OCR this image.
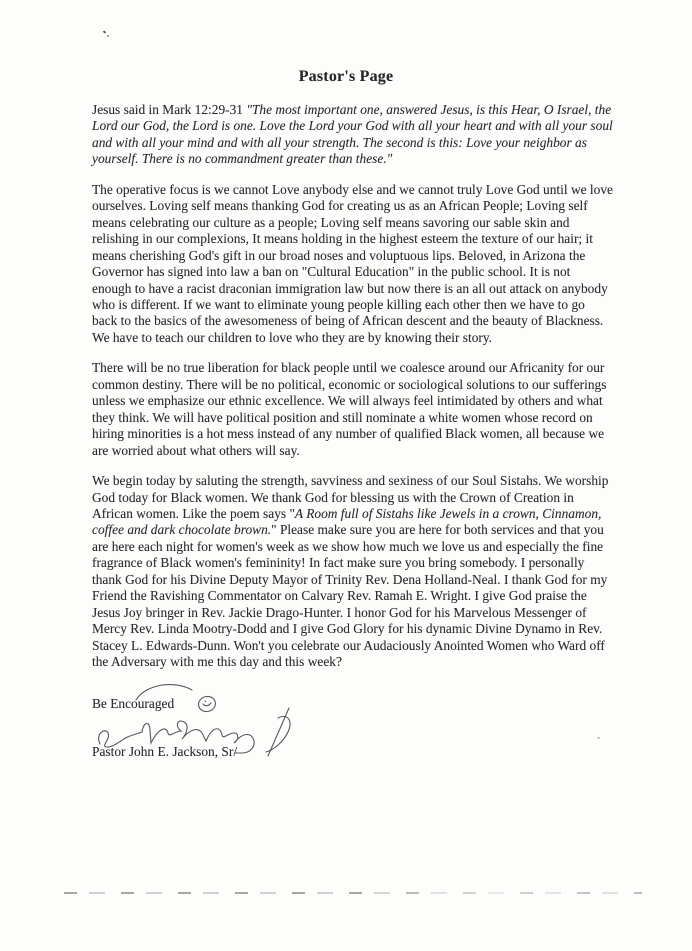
Pastor's Page

Jesus said in Mark 12:29-31 "The most important one, answered Jesus, is this Hear, O Israel, the Lord our God, the Lord is one. Love the Lord your God with all your heart and with all your soul and with all your mind and with all your strength. The second is this: Love your neighbor as yourself. There is no commandment greater than these."

The operative focus is we cannot Love anybody else and we cannot truly Love God until we love ourselves. Loving self means thanking God for creating us as an African People; Loving self means celebrating our culture as a people; Loving self means savoring our sable skin and relishing in our complexions, It means holding in the highest esteem the texture of our hair; it means cherishing God's gift in our broad noses and voluptuous lips. Beloved, in Arizona the Governor has signed into law a ban on "Cultural Education" in the public school. It is not enough to have a racist draconian immigration law but now there is an all out attack on anybody who is different. If we want to eliminate young people killing each other then we have to go back to the basics of the awesomeness of being of African descent and the beauty of Blackness. We have to teach our children to love who they are by knowing their story.

There will be no true liberation for black people until we coalesce around our Africanity for our common destiny. There will be no political, economic or sociological solutions to our sufferings unless we emphasize our ethnic excellence. We will always feel intimidated by others and what they think. We will have political position and still nominate a white women whose record on hiring minorities is a hot mess instead of any number of qualified Black women, all because we are worried about what others will say.

We begin today by saluting the strength, savviness and sexiness of our Soul Sistahs. We worship God today for Black women. We thank God for blessing us with the Crown of Creation in African women. Like the poem says "A Room full of Sistahs like Jewels in a crown, Cinnamon, coffee and dark chocolate brown." Please make sure you are here for both services and that you are here each night for women's week as we show how much we love us and especially the fine fragrance of Black women's femininity! In fact make sure you bring somebody. I personally thank God for his Divine Deputy Mayor of Trinity Rev. Dena Holland-Neal. I thank God for my Friend the Ravishing Commentator on Calvary Rev. Ramah E. Wright. I give God praise the Jesus Joy bringer in Rev. Jackie Drago-Hunter. I honor God for his Marvelous Messenger of Mercy Rev. Linda Mootry-Dodd and I give God Glory for his dynamic Divine Dynamo in Rev. Stacey L. Edwards-Dunn. Won't you celebrate our Audaciously Anointed Women who Ward off the Adversary with me this day and this week?

Be Encouraged
Pastor John E. Jackson, Sr/
